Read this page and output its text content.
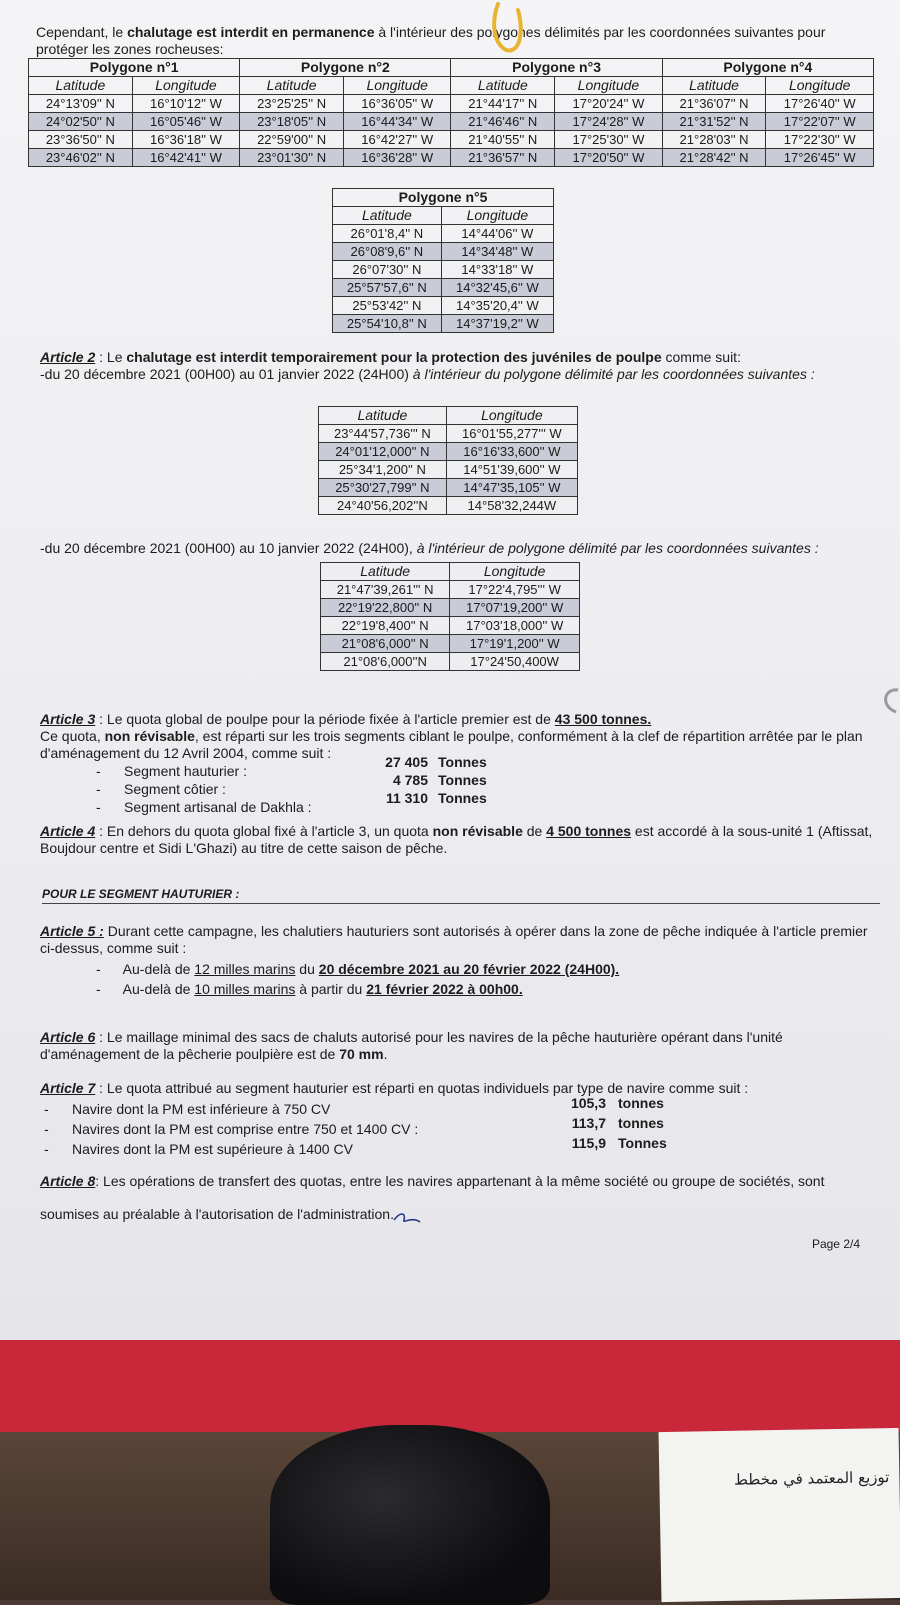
Cependant, le chalutage est interdit en permanence à l'intérieur des polygones délimités par les coordonnées suivantes pour
protéger les zones rocheuses:
Polygone n°1		Polygone n°2		Polygone n°3		Polygone n°4	
Latitude	Longitude	Latitude	Longitude	Latitude	Longitude	Latitude	Longitude
24°13'09'' N	16°10'12'' W	23°25'25'' N	16°36'05'' W	21°44'17'' N	17°20'24'' W	21°36'07'' N	17°26'40'' W
24°02'50'' N	16°05'46'' W	23°18'05'' N	16°44'34'' W	21°46'46'' N	17°24'28'' W	21°31'52'' N	17°22'07'' W
23°36'50'' N	16°36'18'' W	22°59'00'' N	16°42'27'' W	21°40'55'' N	17°25'30'' W	21°28'03'' N	17°22'30'' W
23°46'02'' N	16°42'41'' W	23°01'30'' N	16°36'28'' W	21°36'57'' N	17°20'50'' W	21°28'42'' N	17°26'45'' W
Polygone n°5	
Latitude	Longitude
26°01'8,4'' N	14°44'06'' W
26°08'9,6'' N	14°34'48'' W
26°07'30'' N	14°33'18'' W
25°57'57,6'' N	14°32'45,6'' W
25°53'42'' N	14°35'20,4'' W
25°54'10,8'' N	14°37'19,2'' W
Article 2 : Le chalutage est interdit temporairement pour la protection des juvéniles de poulpe comme suit:
-du 20 décembre 2021 (00H00) au 01 janvier 2022 (24H00) à l'intérieur du polygone délimité par les coordonnées suivantes :
Latitude	Longitude
23°44'57,736''' N	16°01'55,277''' W
24°01'12,000'' N	16°16'33,600'' W
25°34'1,200'' N	14°51'39,600'' W
25°30'27,799'' N	14°47'35,105'' W
24°40'56,202''N	14°58'32,244W
-du 20 décembre 2021 (00H00) au 10 janvier 2022 (24H00), à l'intérieur de polygone délimité par les coordonnées suivantes :
Latitude	Longitude
21°47'39,261''' N	17°22'4,795''' W
22°19'22,800'' N	17°07'19,200'' W
22°19'8,400'' N	17°03'18,000'' W
21°08'6,000'' N	17°19'1,200'' W
21°08'6,000''N	17°24'50,400W
Article 3 : Le quota global de poulpe pour la période fixée à l'article premier est de 43 500 tonnes.
Ce quota, non révisable, est réparti sur les trois segments ciblant le poulpe, conformément à la clef de répartition arrêtée par le plan
d'aménagement du 12 Avril 2004, comme suit :
- Segment hauturier :
27 405 Tonnes
- Segment côtier :
4 785 Tonnes
- Segment artisanal de Dakhla :
11 310 Tonnes
Article 4 : En dehors du quota global fixé à l'article 3, un quota non révisable de 4 500 tonnes est accordé à la sous-unité 1 (Aftissat,
Boujdour centre et Sidi L'Ghazi) au titre de cette saison de pêche.
POUR LE SEGMENT HAUTURIER :
Article 5 : Durant cette campagne, les chalutiers hauturiers sont autorisés à opérer dans la zone de pêche indiquée à l'article premier
ci-dessus, comme suit :
- Au-delà de 12 milles marins du 20 décembre 2021 au 20 février 2022 (24H00).
- Au-delà de 10 milles marins à partir du 21 février 2022 à 00h00.
Article 6 : Le maillage minimal des sacs de chaluts autorisé pour les navires de la pêche hauturière opérant dans l'unité
d'aménagement de la pêcherie poulpière est de 70 mm.
Article 7 : Le quota attribué au segment hauturier est réparti en quotas individuels par type de navire comme suit :
- Navire dont la PM est inférieure à 750 CV	105,3 tonnes
- Navires dont la PM est comprise entre 750 et 1400 CV :	113,7 tonnes
- Navires dont la PM est supérieure à 1400 CV	115,9 Tonnes
Article 8: Les opérations de transfert des quotas, entre les navires appartenant à la même société ou groupe de sociétés, sont
soumises au préalable à l'autorisation de l'administration.
Page 2/4
توزيع المعتمد في مخطط
